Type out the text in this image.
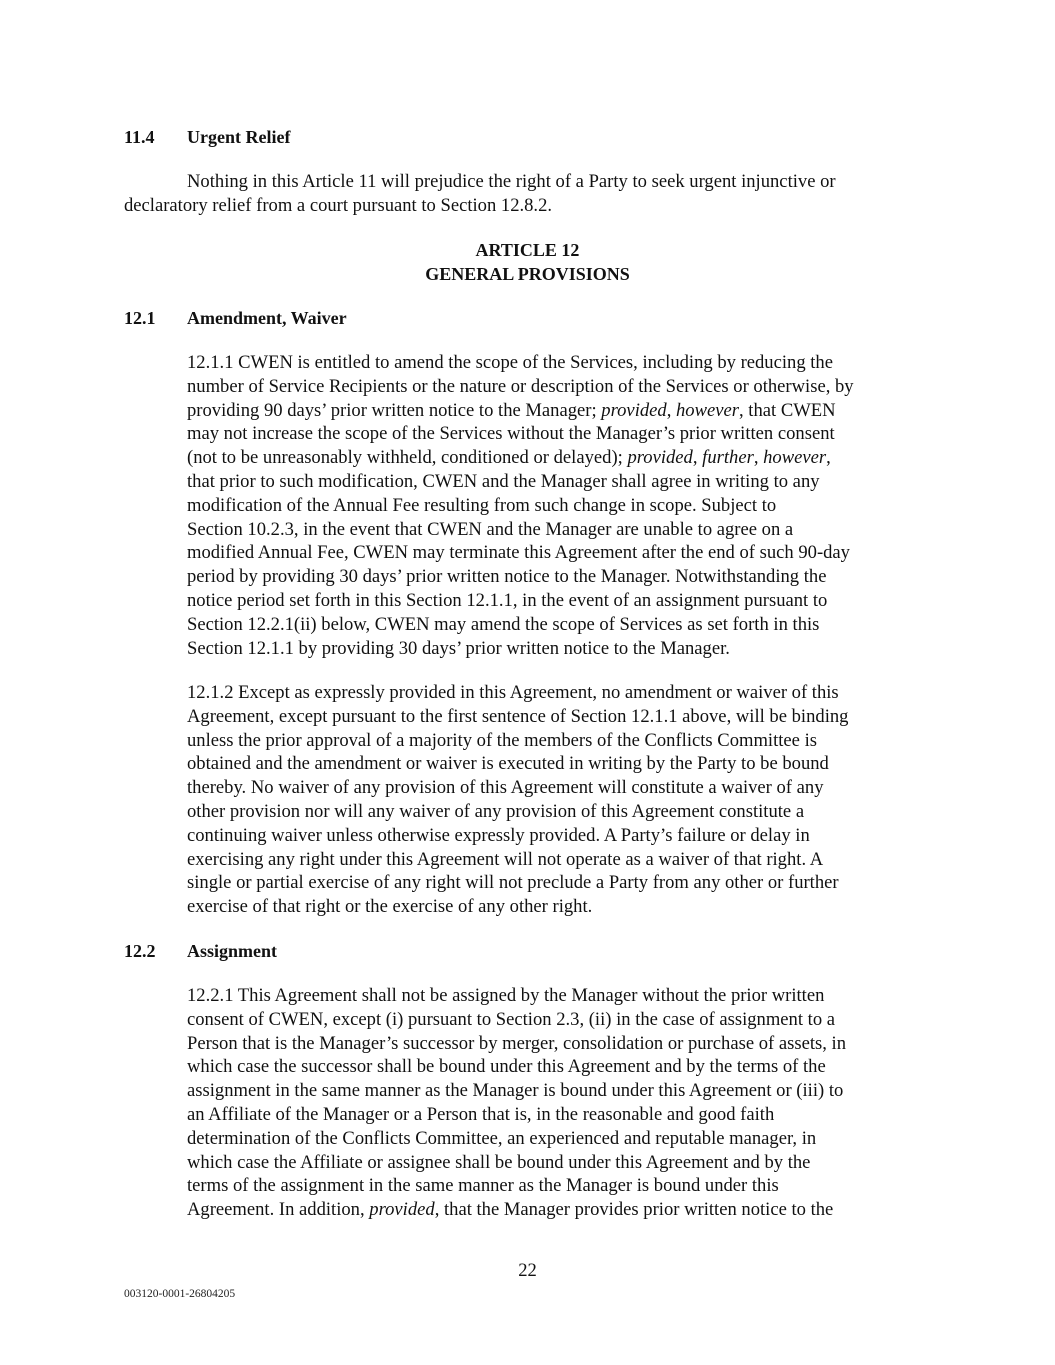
11.4 Urgent Relief

Nothing in this Article 11 will prejudice the right of a Party to seek urgent injunctive or

declaratory relief from a court pursuant to Section 12.8.2.

ARTICLE 12
GENERAL PROVISIONS
12.1 Amendment, Waiver

12.1.1 CWEN is entitled to amend the scope of the Services, including by reducing the

number of Service Recipients or the nature or description of the Services or otherwise, by

providing 90 days’ prior written notice to the Manager; provided, however, that CWEN

may not increase the scope of the Services without the Manager’s prior written consent

(not to be unreasonably withheld, conditioned or delayed); provided, further, however,

that prior to such modification, CWEN and the Manager shall agree in writing to any

modification of the Annual Fee resulting from such change in scope. Subject to

Section 10.2.3, in the event that CWEN and the Manager are unable to agree on a

modified Annual Fee, CWEN may terminate this Agreement after the end of such 90-day

period by providing 30 days’ prior written notice to the Manager. Notwithstanding the

notice period set forth in this Section 12.1.1, in the event of an assignment pursuant to

Section 12.2.1(ii) below, CWEN may amend the scope of Services as set forth in this

Section 12.1.1 by providing 30 days’ prior written notice to the Manager.

12.1.2 Except as expressly provided in this Agreement, no amendment or waiver of this

Agreement, except pursuant to the first sentence of Section 12.1.1 above, will be binding

unless the prior approval of a majority of the members of the Conflicts Committee is

obtained and the amendment or waiver is executed in writing by the Party to be bound

thereby. No waiver of any provision of this Agreement will constitute a waiver of any

other provision nor will any waiver of any provision of this Agreement constitute a

continuing waiver unless otherwise expressly provided. A Party’s failure or delay in

exercising any right under this Agreement will not operate as a waiver of that right. A

single or partial exercise of any right will not preclude a Party from any other or further

exercise of that right or the exercise of any other right.

12.2 Assignment

12.2.1 This Agreement shall not be assigned by the Manager without the prior written

consent of CWEN, except (i) pursuant to Section 2.3, (ii) in the case of assignment to a

Person that is the Manager’s successor by merger, consolidation or purchase of assets, in

which case the successor shall be bound under this Agreement and by the terms of the

assignment in the same manner as the Manager is bound under this Agreement or (iii) to

an Affiliate of the Manager or a Person that is, in the reasonable and good faith

determination of the Conflicts Committee, an experienced and reputable manager, in

which case the Affiliate or assignee shall be bound under this Agreement and by the

terms of the assignment in the same manner as the Manager is bound under this

Agreement. In addition, provided, that the Manager provides prior written notice to the

22
003120-0001-26804205
